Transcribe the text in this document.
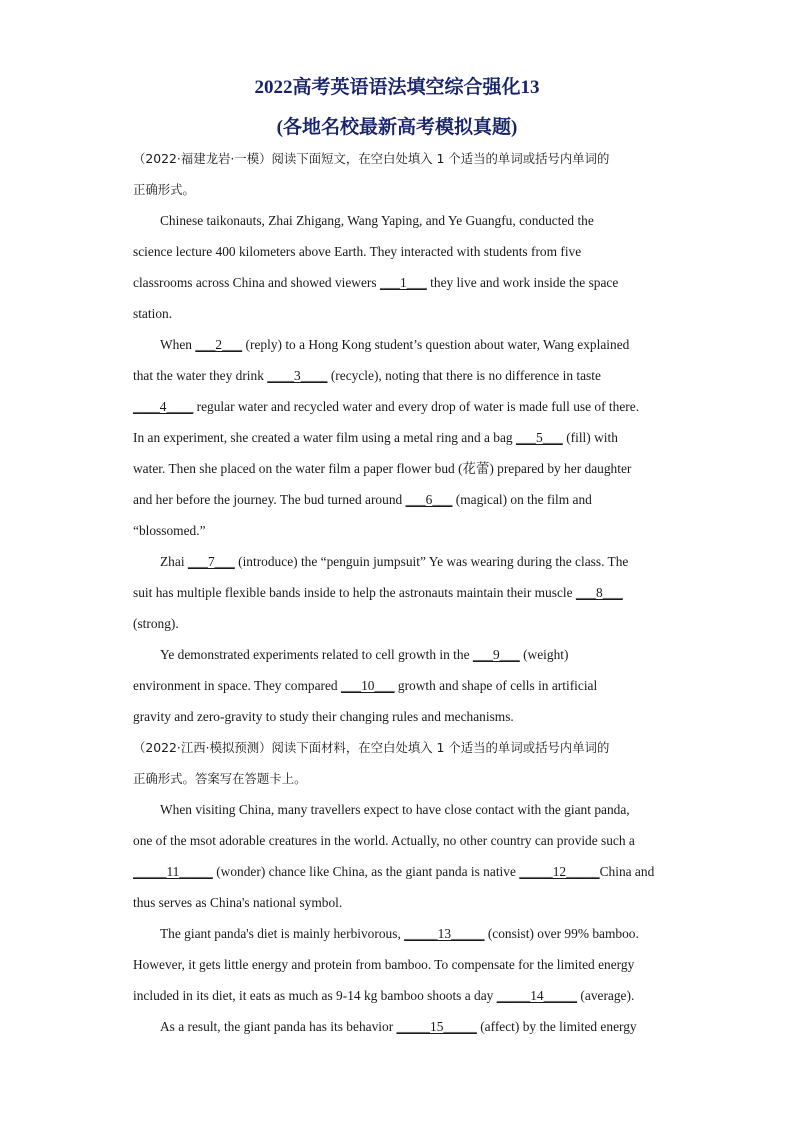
2022高考英语语法填空综合强化13
(各地名校最新高考模拟真题)
（2022·福建龙岩·一模）阅读下面短文，在空白处填入 1 个适当的单词或括号内单词的
正确形式。
Chinese taikonauts, Zhai Zhigang, Wang Yaping, and Ye Guangfu, conducted the
science lecture 400 kilometers above Earth. They interacted with students from five
classrooms across China and showed viewers ___1___ they live and work inside the space
station.
When ___2___ (reply) to a Hong Kong student’s question about water, Wang explained
that the water they drink ____3____ (recycle), noting that there is no difference in taste
____4____ regular water and recycled water and every drop of water is made full use of there.
In an experiment, she created a water film using a metal ring and a bag ___5___ (fill) with
water. Then she placed on the water film a paper flower bud (花蕾) prepared by her daughter
and her before the journey. The bud turned around ___6___ (magical) on the film and
“blossomed.”
Zhai ___7___ (introduce) the “penguin jumpsuit” Ye was wearing during the class. The
suit has multiple flexible bands inside to help the astronauts maintain their muscle ___8___
(strong).
Ye demonstrated experiments related to cell growth in the ___9___ (weight)
environment in space. They compared ___10___ growth and shape of cells in artificial
gravity and zero-gravity to study their changing rules and mechanisms.
（2022·江西·模拟预测）阅读下面材料，在空白处填入 1 个适当的单词或括号内单词的
正确形式。答案写在答题卡上。
When visiting China, many travellers expect to have close contact with the giant panda,
one of the msot adorable creatures in the world. Actually, no other country can provide such a
_____11_____ (wonder) chance like China, as the giant panda is native _____12_____China and
thus serves as China's national symbol.
The giant panda's diet is mainly herbivorous, _____13_____ (consist) over 99% bamboo.
However, it gets little energy and protein from bamboo. To compensate for the limited energy
included in its diet, it eats as much as 9-14 kg bamboo shoots a day _____14_____ (average).
As a result, the giant panda has its behavior _____15_____ (affect) by the limited energy
